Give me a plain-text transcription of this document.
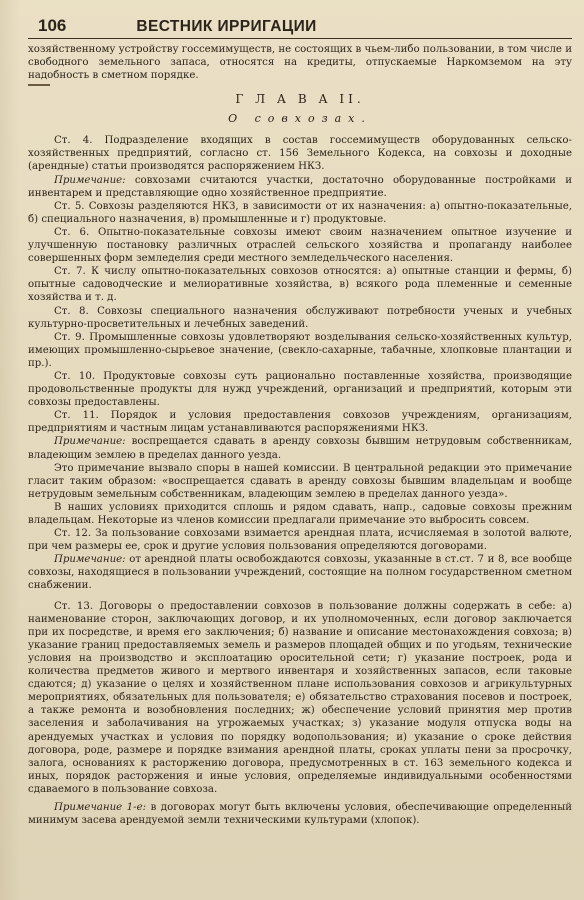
106	ВЕСТНИК ИРРИГАЦИИ

хозяйственному устройству госсемимуществ, не состоящих в чьем-либо пользовании, в том числе и свободного земельного запаса, относятся на кредиты, отпускаемые Наркомземом на эту надобность в сметном порядке.

Г Л А В А II.
О совхозах.

Ст. 4. Подразделение входящих в состав госсемимуществ оборудованных сельско-хозяйственных предприятий, согласно ст. 156 Земельного Кодекса, на совхозы и доходные (арендные) статьи производятся распоряжением НКЗ.

Примечание: совхозами считаются участки, достаточно оборудованные постройками и инвентарем и представляющие одно хозяйственное предприятие.

Ст. 5. Совхозы разделяются НКЗ, в зависимости от их назначения: а) опытно-показательные, б) специального назначения, в) промышленные и г) продуктовые.

Ст. 6. Опытно-показательные совхозы имеют своим назначением опытное изучение и улучшенную постановку различных отраслей сельского хозяйства и пропаганду наиболее совершенных форм земледелия среди местного земледельческого населения.

Ст. 7. К числу опытно-показательных совхозов относятся: а) опытные станции и фермы, б) опытные садоводческие и мелиоративные хозяйства, в) всякого рода племенные и семенные хозяйства и т. д.

Ст. 8. Совхозы специального назначения обслуживают потребности ученых и учебных культурно-просветительных и лечебных заведений.

Ст. 9. Промышленные совхозы удовлетворяют возделывания сельско-хозяйственных культур, имеющих промышленно-сырьевое значение, (свекло-сахарные, табачные, хлопковые плантации и пр.).

Ст. 10. Продуктовые совхозы суть рационально поставленные хозяйства, производящие продовольственные продукты для нужд учреждений, организаций и предприятий, которым эти совхозы предоставлены.

Ст. 11. Порядок и условия предоставления совхозов учреждениям, организациям, предприятиям и частным лицам устанавливаются распоряжениями НКЗ.

Примечание: воспрещается сдавать в аренду совхозы бывшим нетрудовым собственникам, владеющим землею в пределах данного уезда.

Это примечание вызвало споры в нашей комиссии. В центральной редакции это примечание гласит таким образом: «воспрещается сдавать в аренду совхозы бывшим владельцам и вообще нетрудовым земельным собственникам, владеющим землею в пределах данного уезда».

В наших условиях приходится сплошь и рядом сдавать, напр., садовые совхозы прежним владельцам. Некоторые из членов комиссии предлагали примечание это выбросить совсем.

Ст. 12. За пользование совхозами взимается арендная плата, исчисляемая в золотой валюте, при чем размеры ее, срок и другие условия пользования определяются договорами.

Примечание: от арендной платы освобождаются совхозы, указанные в ст.ст. 7 и 8, все вообще совхозы, находящиеся в пользовании учреждений, состоящие на полном государственном сметном снабжении.

Ст. 13. Договоры о предоставлении совхозов в пользование должны содержать в себе: а) наименование сторон, заключающих договор, и их уполномоченных, если договор заключается при их посредстве, и время его заключения; б) название и описание местонахождения совхоза; в) указание границ предоставляемых земель и размеров площадей общих и по угодьям, технические условия на производство и эксплоатацию оросительной сети; г) указание построек, рода и количества предметов живого и мертвого инвентаря и хозяйственных запасов, если таковые сдаются; д) указание о целях и хозяйственном плане использования совхозов и агрикультурных мероприятиях, обязательных для пользователя; е) обязательство страхования посевов и построек, а также ремонта и возобновления последних; ж) обеспечение условий принятия мер против заселения и заболачивания на угрожаемых участках; з) указание модуля отпуска воды на арендуемых участках и условия по порядку водопользования; и) указание о сроке действия договора, роде, размере и порядке взимания арендной платы, сроках уплаты пени за просрочку, залога, основаниях к расторжению договора, предусмотренных в ст. 163 земельного кодекса и иных, порядок расторжения и иные условия, определяемые индивидуальными особенностями сдаваемого в пользование совхоза.

Примечание 1-е: в договорах могут быть включены условия, обеспечивающие определенный минимум засева арендуемой земли техническими культурами (хлопок).
